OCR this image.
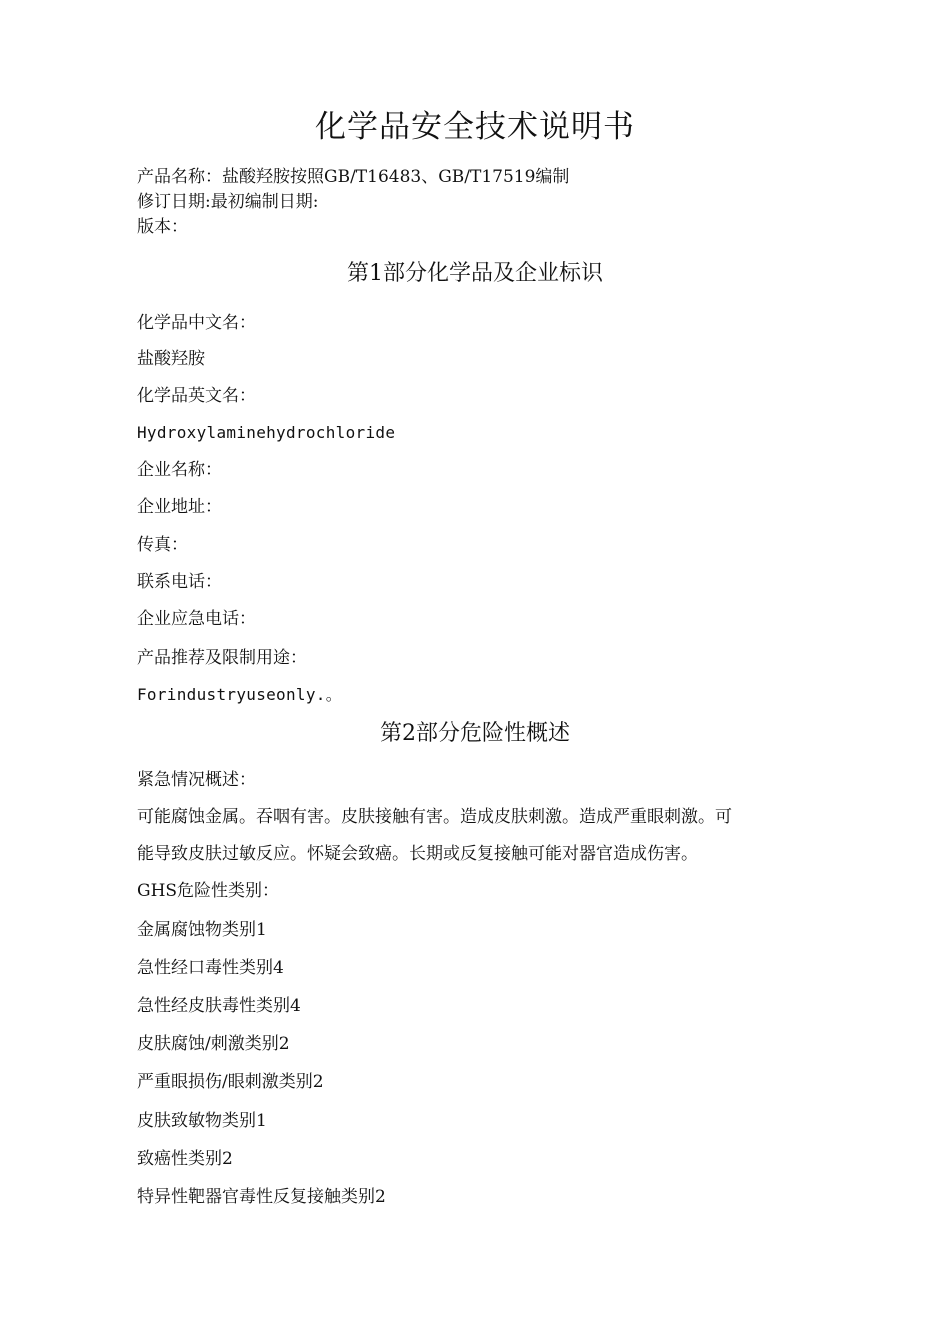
化学品安全技术说明书
产品名称：盐酸羟胺按照GB/T16483、GB/T17519编制
修订日期:最初编制日期:
版本：
第1部分化学品及企业标识
化学品中文名：
盐酸羟胺
化学品英文名：
Hydroxylaminehydrochloride
企业名称：
企业地址：
传真：
联系电话：
企业应急电话：
产品推荐及限制用途：
Forindustryuseonly.。
第2部分危险性概述
紧急情况概述：
可能腐蚀金属。吞咽有害。皮肤接触有害。造成皮肤刺激。造成严重眼刺激。可
能导致皮肤过敏反应。怀疑会致癌。长期或反复接触可能对器官造成伤害。
GHS危险性类别：
金属腐蚀物类别1
急性经口毒性类别4
急性经皮肤毒性类别4
皮肤腐蚀/刺激类别2
严重眼损伤/眼刺激类别2
皮肤致敏物类别1
致癌性类别2
特异性靶器官毒性反复接触类别2
